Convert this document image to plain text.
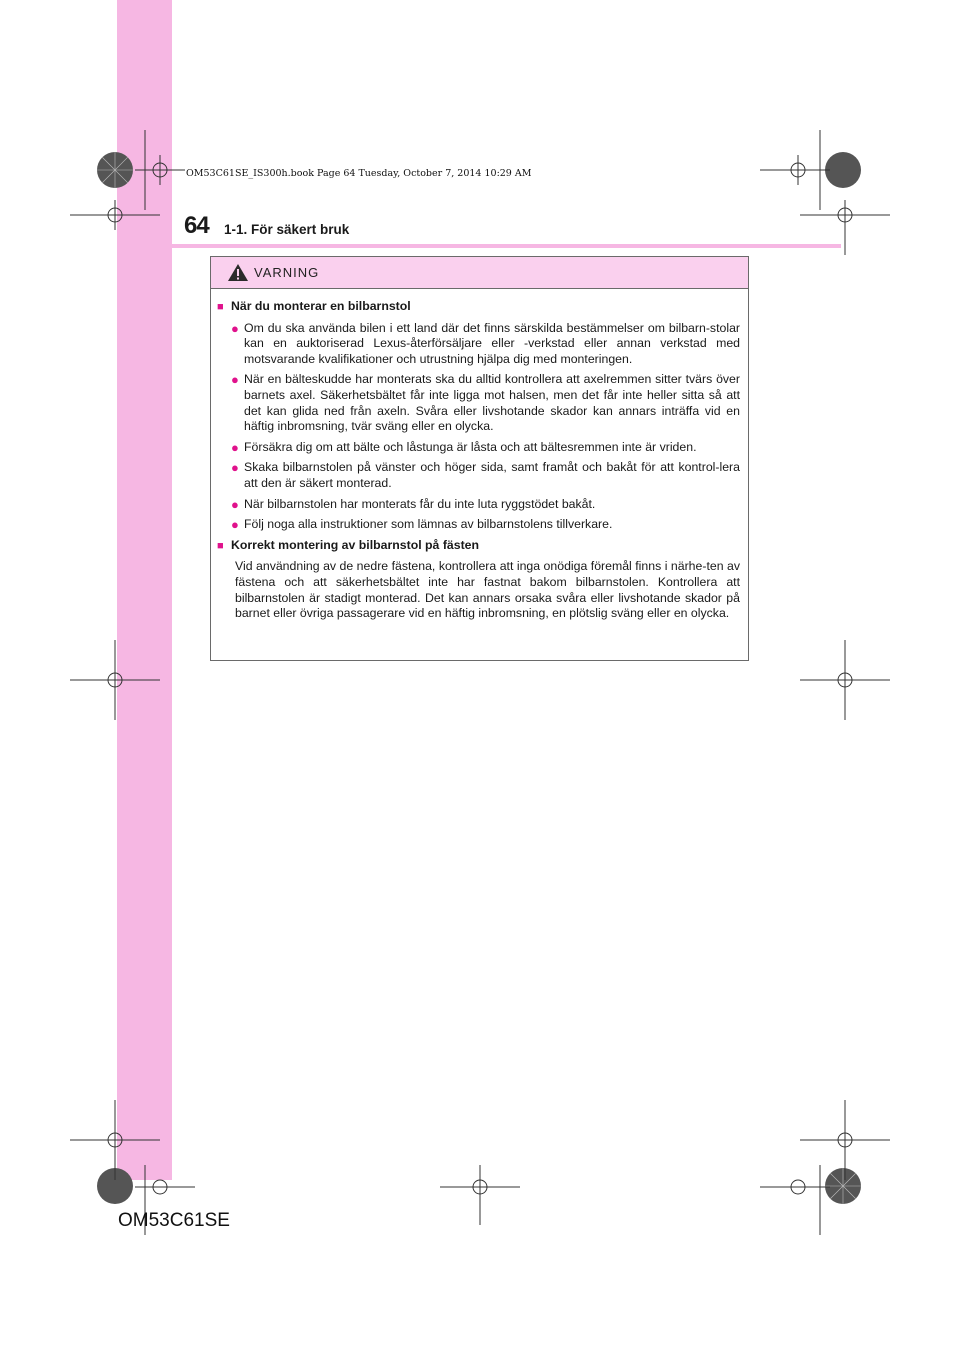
OM53C61SE_IS300h.book Page 64 Tuesday, October 7, 2014 10:29 AM
64 1-1. För säkert bruk
VARNING
■ När du monterar en bilbarnstol
● Om du ska använda bilen i ett land där det finns särskilda bestämmelser om bilbarn-stolar kan en auktoriserad Lexus-återförsäljare eller -verkstad eller annan verkstad med motsvarande kvalifikationer och utrustning hjälpa dig med monteringen.
● När en bälteskudde har monterats ska du alltid kontrollera att axelremmen sitter tvärs över barnets axel. Säkerhetsbältet får inte ligga mot halsen, men det får inte heller sitta så att det kan glida ned från axeln. Svåra eller livshotande skador kan annars inträffa vid en häftig inbromsning, tvär sväng eller en olycka.
● Försäkra dig om att bälte och låstunga är låsta och att bältesremmen inte är vriden.
● Skaka bilbarnstolen på vänster och höger sida, samt framåt och bakåt för att kontrol-lera att den är säkert monterad.
● När bilbarnstolen har monterats får du inte luta ryggstödet bakåt.
● Följ noga alla instruktioner som lämnas av bilbarnstolens tillverkare.
■ Korrekt montering av bilbarnstol på fästen

Vid användning av de nedre fästena, kontrollera att inga onödiga föremål finns i närhe-ten av fästena och att säkerhetsbältet inte har fastnat bakom bilbarnstolen. Kontrollera att bilbarnstolen är stadigt monterad. Det kan annars orsaka svåra eller livshotande skador på barnet eller övriga passagerare vid en häftig inbromsning, en plötslig sväng eller en olycka.

OM53C61SE
